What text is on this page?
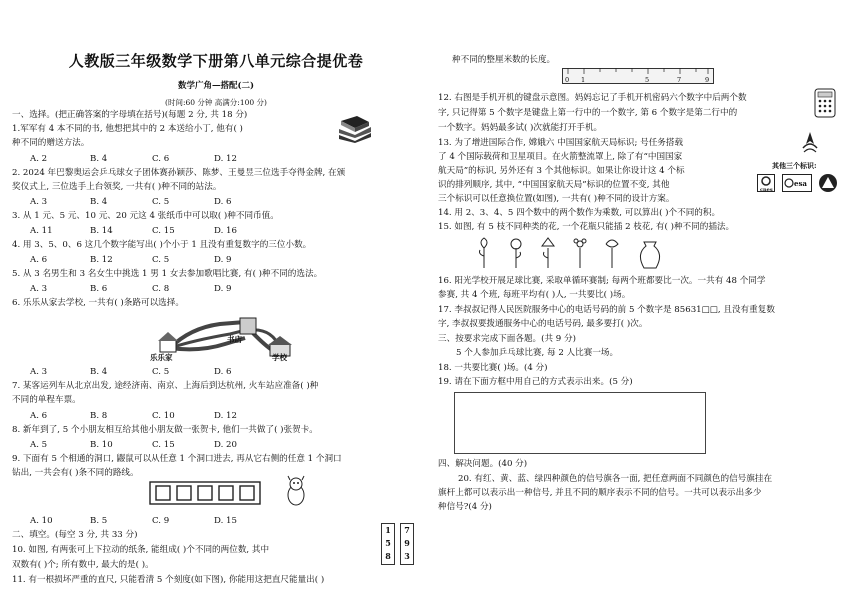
人教版三年级数学下册第八单元综合提优卷
数学广角—搭配(二)
(时间:60 分钟 高满分:100 分)
一、选择。(把正确答案的字母填在括号)(每题 2 分, 共 18 分)
1.军军有 4 本不同的书, 他想把其中的 2 本送给小丁, 他有( )
种不同的赠送方法。
A. 2	B. 4	C. 6	D. 12
2. 2024 年巴黎奥运会乒乓球女子团体赛孙颖莎、陈梦、王曼昱三位选手夺得金牌, 在颁
奖仪式上, 三位选手上台领奖, 一共有( )种不同的站法。
A. 3	B. 4	C. 5	D. 6
3. 从 1 元、5 元、10 元、20 元这 4 张纸币中可以取( )种不同币值。
A. 11	B. 14	C. 15	D. 16
4. 用 3、5、0、6 这几个数字能写出( )个小于 1 且没有重复数字的三位小数。
A. 6	B. 12	C. 5	D. 9
5. 从 3 名男生和 3 名女生中挑选 1 男 1 女去参加歌唱比赛, 有( )种不同的选法。
A. 3	B. 6	C. 8	D. 9
6. 乐乐从家去学校, 一共有( )条路可以选择。
乐乐家
书店
学校
A. 3	B. 4	C. 5	D. 6
7. 某客运列车从北京出发, 途经济南、南京、上海后到达杭州, 火车站应准备( )种
不同的单程车票。
A. 6	B. 8	C. 10	D. 12
8. 新年到了, 5 个小朋友相互给其他小朋友做一张贺卡, 他们一共做了( )张贺卡。
A. 5	B. 10	C. 15	D. 20
9. 下面有 5 个相通的洞口, 鼹鼠可以从任意 1 个洞口进去, 再从它右侧的任意 1 个洞口
钻出, 一共会有( )条不同的路线。
A. 10	B. 5	C. 9	D. 15
二、填空。(每空 3 分, 共 33 分)
10. 如图, 有两张可上下拉动的纸条, 能组成( )个不同的两位数, 其中
双数有( )个; 所有数中, 最大的是( )。
1
5
8
7
9
3
11. 有一根损坏严重的直尺, 只能看清 5 个刻度(如下图), 你能用这把直尺能量出( )
种不同的整厘米数的长度。
0 1	5	7	9
12. 右图是手机开机的键盘示意图。妈妈忘记了手机开机密码六个数字中后两个数
字, 只记得第 5 个数字是键盘上第一行中的一个数字, 第 6 个数字是第二行中的
一个数字。妈妈最多试( )次就能打开手机。
13. 为了增进国际合作, 嫦娥六 中国国家航天局标识; 号任务搭载
了 4 个国际载荷和卫星项目。在火箭整流罩上, 除了有“中国国家
航天局”的标识, 另外还有 3 个其他标识。如果让你设计这 4 个标
识的排列顺序, 其中, “中国国家航天局”标识的位置不变, 其他
三个标识可以任意换位置(如图), 一共有( )种不同的设计方案。
其他三个标识:
cnes
esa
14. 用 2、3、4、5 四个数中的两个数作为乘数, 可以算出( )个不同的积。
15. 如图, 有 5 枝不同种类的花, 一个花瓶只能插 2 枝花, 有( )种不同的插法。
16. 阳光学校开展足球比赛, 采取单循环赛制; 每两个班都要比一次。一共有 48 个同学
参赛, 共 4 个班, 每班平均有( )人, 一共要比( )场。
17. 李叔叔记得人民医院服务中心的电话号码的前 5 个数字是 85631□□, 且没有重复数
字, 李叔叔要拨通服务中心的电话号码, 最多要打( )次。
三、按要求完成下面各题。(共 9 分)
5 个人参加乒乓球比赛, 每 2 人比赛一场。
18. 一共要比赛( )场。(4 分)
19. 请在下面方框中用自己的方式表示出来。(5 分)
四、解决问题。(40 分)
20. 有红、黄、蓝、绿四种颜色的信号旗各一面, 把任意两面不同颜色的信号旗挂在
旗杆上都可以表示出一种信号, 并且不同的顺序表示不同的信号。一共可以表示出多少
种信号?(4 分)
